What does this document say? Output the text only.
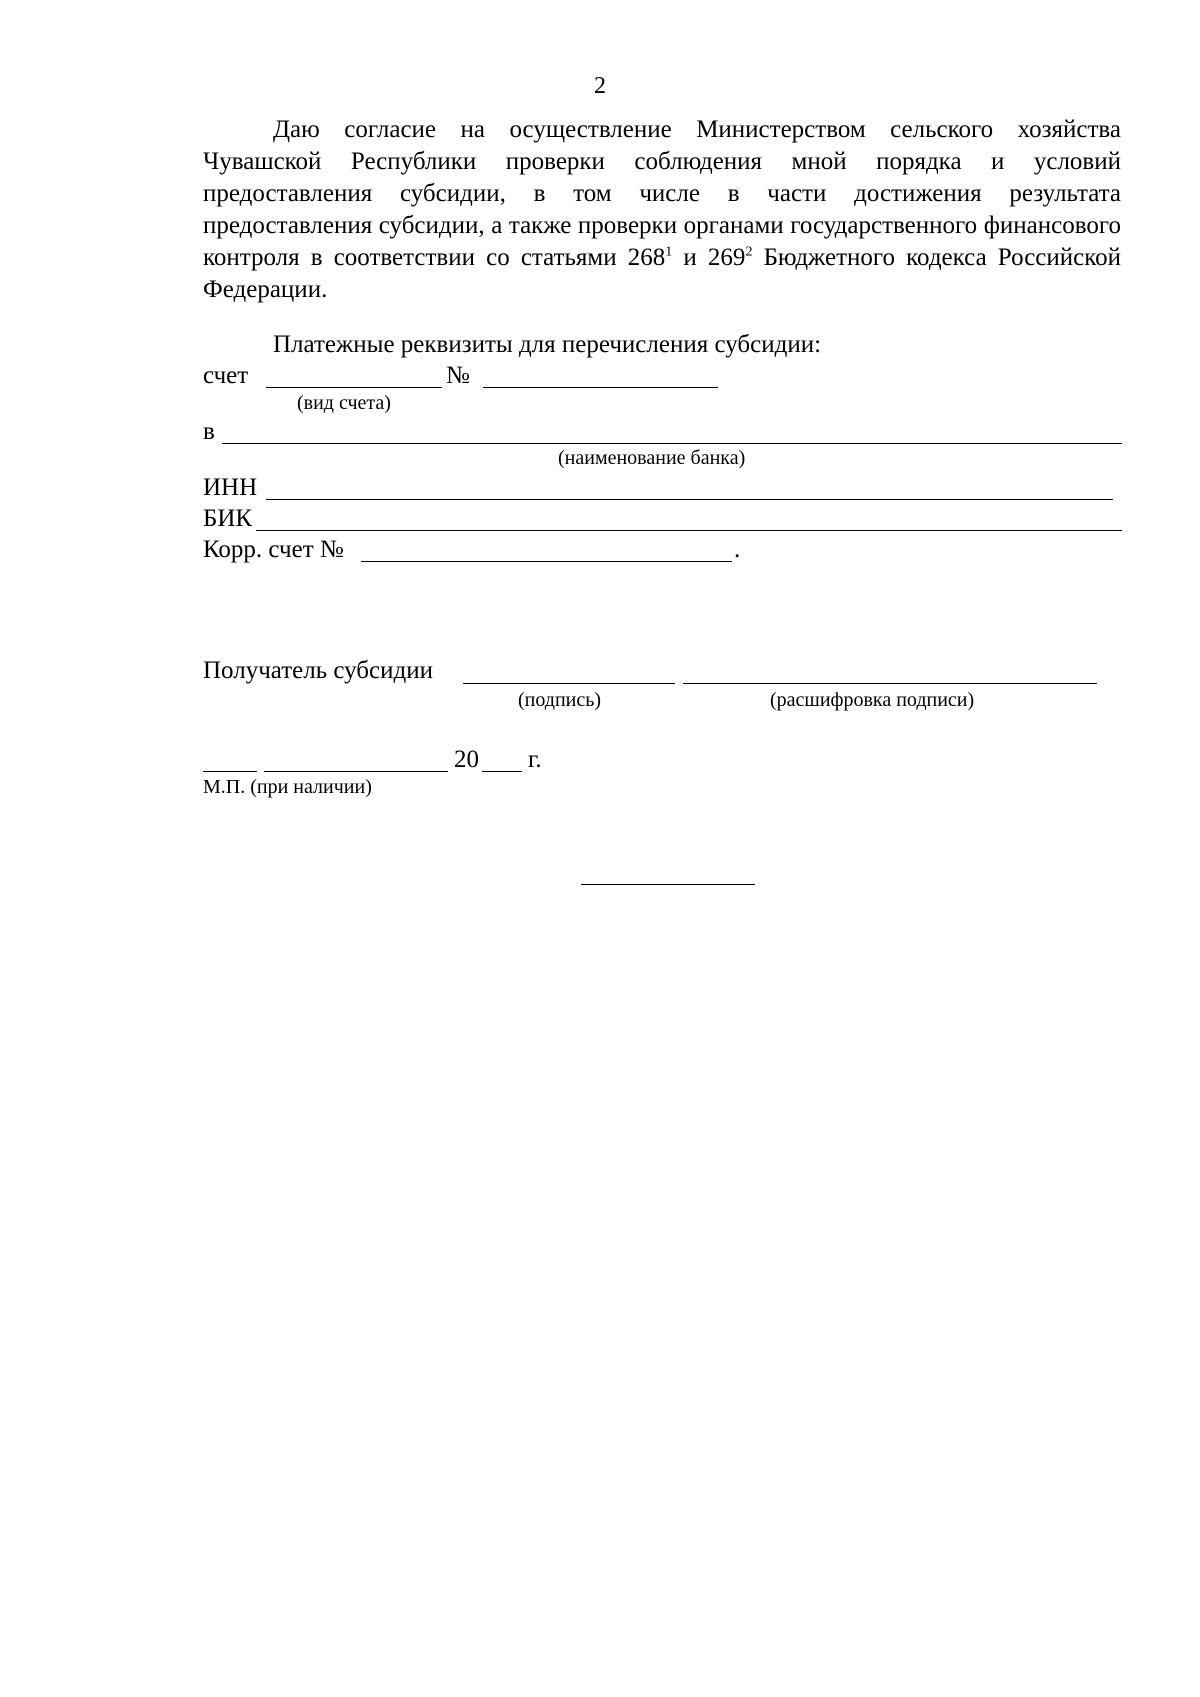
2

Даю согласие на осуществление Министерством сельского хозяйства Чувашской Республики проверки соблюдения мной порядка и условий предоставления субсидии, в том числе в части достижения результата предоставления субсидии, а также проверки органами государственного финансового контроля в соответствии со статьями $268^1$ и $269^2$ Бюджетного кодекса Российской Федерации.

Платежные реквизиты для перечисления субсидии:
счет	№
(вид счета)
в
(наименование банка)
ИНН
БИК
Корр. счет №	.
Получатель субсидии
(подпись)	(расшифровка подписи)
20 г.
М.П. (при наличии)
